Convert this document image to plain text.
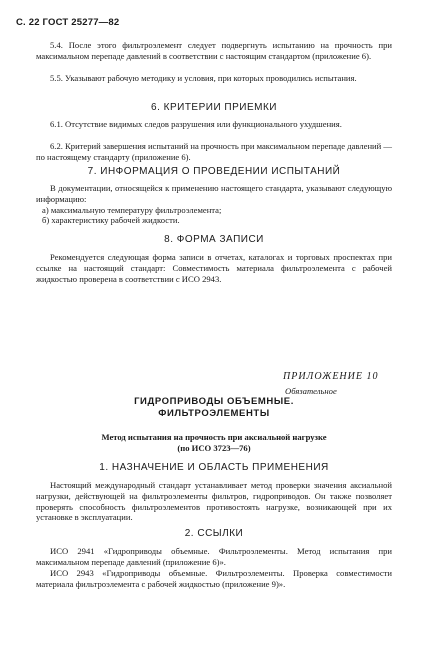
С. 22 ГОСТ 25277—82

5.4. После этого фильтроэлемент следует подвергнуть испытанию на прочность при максимальном перепаде давлений в соответствии с настоящим стандартом (приложение 6).

5.5. Указывают рабочую методику и условия, при которых проводились испытания.

6. КРИТЕРИИ ПРИЕМКИ

6.1. Отсутствие видимых следов разрушения или функционального ухудшения.

6.2. Критерий завершения испытаний на прочность при максимальном перепаде давлений — по настоящему стандарту (приложение 6).

7. ИНФОРМАЦИЯ О ПРОВЕДЕНИИ ИСПЫТАНИЙ

В документации, относящейся к применению настоящего стандарта, указывают следующую информацию:

а) максимальную температуру фильтроэлемента;

б) характеристику рабочей жидкости.

8. ФОРМА ЗАПИСИ

Рекомендуется следующая форма записи в отчетах, каталогах и торговых проспектах при ссылке на настоящий стандарт: Совместимость материала фильтроэлемента с рабочей жидкостью проверена в соответствии с ИСО 2943.

ПРИЛОЖЕНИЕ 10
Обязательное

ГИДРОПРИВОДЫ ОБЪЕМНЫЕ.

ФИЛЬТРОЭЛЕМЕНТЫ

Метод испытания на прочность при аксиальной нагрузке

(по ИСО 3723—76)

1. НАЗНАЧЕНИЕ И ОБЛАСТЬ ПРИМЕНЕНИЯ

Настоящий международный стандарт устанавливает метод проверки значения аксиальной нагрузки, действующей на фильтроэлементы фильтров, гидроприводов. Он также позволяет проверять способность фильтроэлементов противостоять нагрузке, возникающей при их установке в эксплуатации.

2. ССЫЛКИ

ИСО 2941 «Гидроприводы объемные. Фильтроэлементы. Метод испытания при максимальном перепаде давлений (приложение 6)».

ИСО 2943 «Гидроприводы объемные. Фильтроэлементы. Проверка совместимости материала фильтроэлемента с рабочей жидкостью (приложение 9)».
